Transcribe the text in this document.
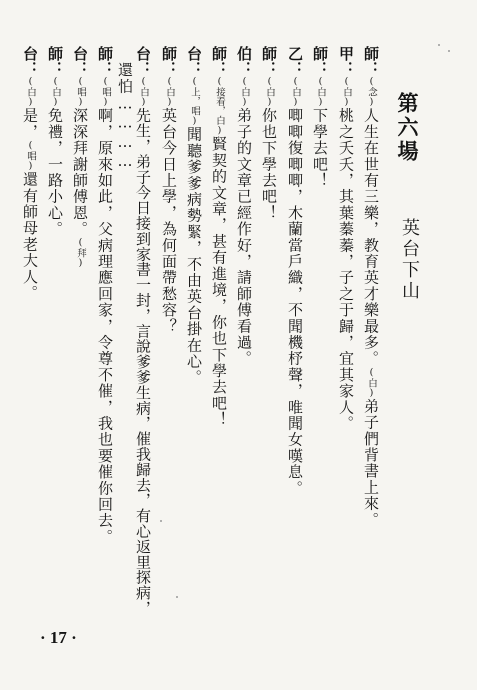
第六場
英台下山
師：(念)人生在世有三樂，教育英才樂最多。(白)弟子們背書上來。
甲：(白)桃之夭夭，其葉蓁蓁，子之于歸，宜其家人。
師：(白)下學去吧！
乙：(白)唧唧復唧唧，木蘭當戶織，不聞機杼聲，唯聞女嘆息。
師：(白)你也下學去吧！
伯：(白)弟子的文章已經作好，請師傅看過。
師：(接看，白)賢契的文章，甚有進境，你也下學去吧！
台：(上，唱)聞聽爹爹病勢緊，不由英台掛在心。
師：(白)英台今日上學，為何面帶愁容？
台：(白)先生，弟子今日接到家書一封，言說爹爹生病，催我歸去，有心返里探病，
還怕…………
師：(唱)啊，原來如此，父病理應回家，令尊不催，我也要催你回去。
台：(唱)深深拜謝師傅恩。(拜)
師：(白)免禮，一路小心。
台：(白)是，(唱)還有師母老大人。
· 17 ·
